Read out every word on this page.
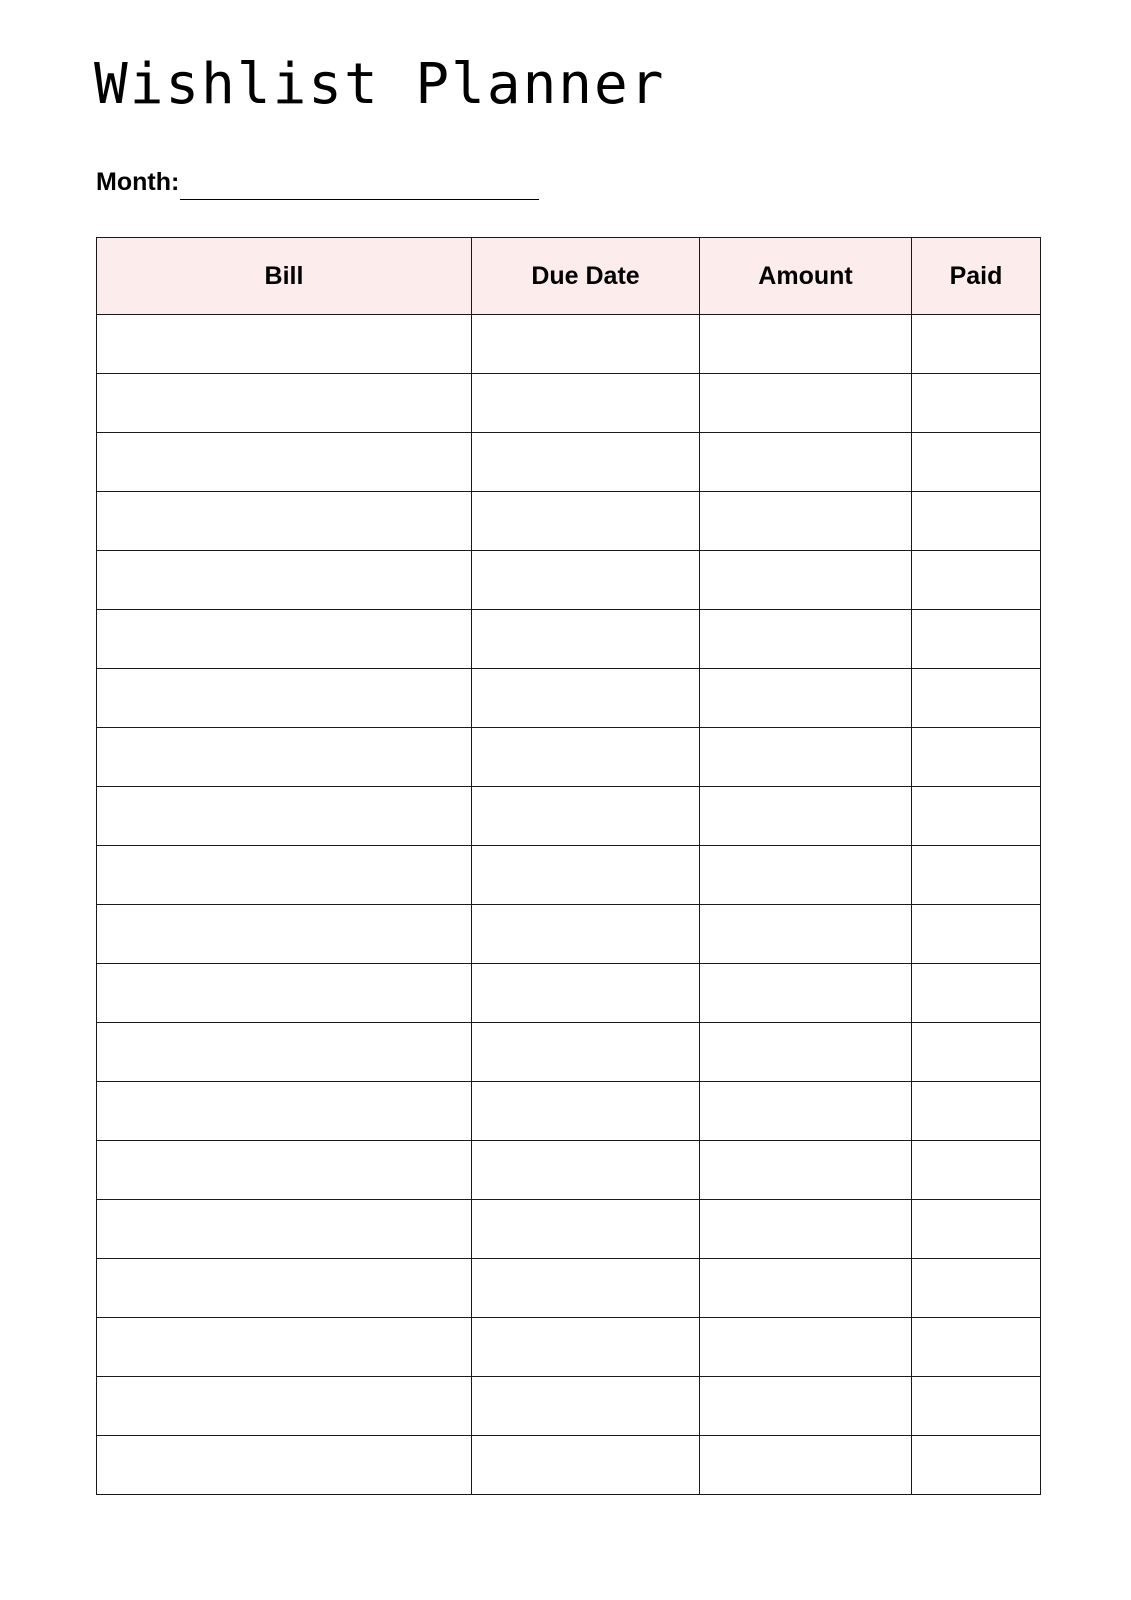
Wishlist Planner
Month:
Bill	Due Date	Amount	Paid
